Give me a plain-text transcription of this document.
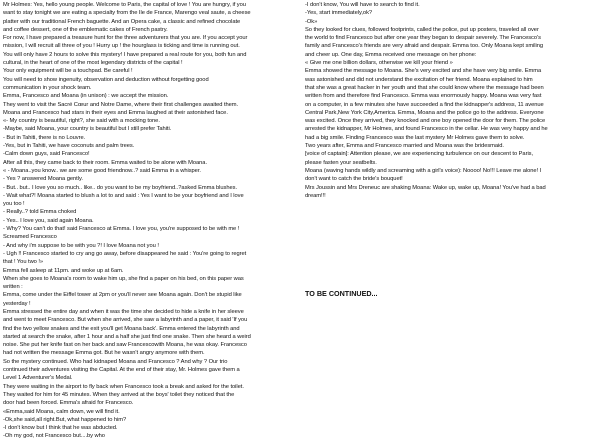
Mr Holmes: Yes, hello young people. Welcome to Paris, the capital of love ! You are hungry, if you
want to stay tonight we are eating a specialty from the Ile de France, Marengo veal saute, a cheese
platter with our traditional French baguette. And an Opera cake, a classic and refined chocolate
and coffee dessert, one of the emblematic cakes of French pastry.
For now, I have prepared a treasure hunt for the three adventurers that you are. If you accept your
mission, I will recruit all three of you ! Hurry up ! the hourglass is ticking and time is running out.
You will only have 2 hours to solve this mystery! I have prepared a real route for you, both fun and
cultural, in the heart of one of the most legendary districts of the capital !
Your only equipment will be a touchpad. Be careful !
You will need to show ingenuity, observation and deduction without forgetting good
communication in your shock team.
Emma, Francesco and Moana (in unison) : we accept the mission.
They went to visit the Sacré Cœur and Notre Dame, where their first challenges awaited them.
Moana and Francesco had stars in their eyes and Emma laughed at their astonished face.
«- My country is beautiful, right?, she said with a mocking tone.
-Maybe, said Moana, your country is beautiful but I still prefer Tahiti.
- But in Tahiti, there is no Louvre.
-Yes, but in Tahiti, we have coconuts and palm trees.
-Calm down guys, said Francesco!
After all this, they came back to their room. Emma waited to be alone with Moana.
« - Moana..you know.. we are some good friendnow..? said Emma in a whisper.
- Yes ? answered Moana gently.
- But.. but.. I love you so much.. like.. do you want to be my boyfriend..?asked Emma blushes.
- Wait what?! Moana started to blush a lot to and said : Yes I want to be your boyfriend and I love
you too !
- Really..? told Emma choked
- Yes.. I love you, said again Moana.
- Why? You can't do that! said Francesco at Emma. I love you, you're supposed to be with me !
Screamed Francesco
- And why i'm suppose to be with you ?! I love Moana not you !
- Ugh !! Francesco started to cry ang go away, before disappeared he said : You're going to regret
that ! You two !»
Emma fell asleep at 11pm. and woke up at 6am.
When she goes to Moana's room to wake him up, she find a paper on his bed, on this paper was
written :
Emma, come under the Eiffel tower at 2pm or you'll never see Moana again. Don't be stupid like
yesterday !
Emma stressed the entire day and when it was the time she decided to hide a knife in her sleeve
and went to meet Francesco. But when she arrived, she saw a labyrinth and a paper, it said 'If you
find the two yellow snakes and the exit you'll get Moana back'. Emma entered the labyrinth and
started at search the snake, after 1 hour and a half she just find one snake. Then she heard a weird
noise. She put her knife fast on her back and saw Francescowith Moana, he was okay. Francesco
had not written the message Emma got. But he wasn't angry anymore with them.
So the mystery continued. Who had kidnaped Moana and Francesco ? And why ? Our trio
continued their adventures visiting the Capital. At the end of their stay, Mr. Holmes gave them a
Level 1 Adventurer's Medal.
They were waiting in the airport to fly back when Francesco took a break and asked for the toilet.
They waited for him for 45 minutes. When they arrived at the boys' toilet they noticed that the
door had been forced. Emma's afraid for Francesco.
«Emma,said Moana, calm down, we will find it.
-Ok,she said,all right.But, what happened to him?
-I don't know but I think that he was abducted.
-Oh my god, not Francesco but....by who
-I don't know, You will have to search to find it.
-Yes, start immediately,ok?
-Ok»
So they looked for clues, followed footprints, called the police, put up posters, traveled all over
the world to find Francesco but after one year they began to despair severely. The Francesco's
family and Francesco's friends are very afraid and despair. Emma too. Only Moana kept smiling
and cheer up. One day, Emma received one message on her phone:
« Give me one billion dollars, otherwise we kill your friend »
Emma showed the message to Moana. She's very excited and she have very big smile. Emma
was astonished and did not understand the excitation of her friend. Moana explained to him
that she was a great hacker in her youth and that she could know where the message had been
written from and therefore find Francesco. Emma was enormously happy. Moana was very fast
on a computer, in a few minutes she have succeeded a find the kidnapper's address, 11 avenue
Central Park,New York City,America. Emma, Moana and the police go to the address. Everyone
was excited. Once they arrived, they knocked and one boy opened the door for them. The police
arrested the kidnapper, Mr Holmes, and found Francesco in the cellar. He was very happy and he
had a big smile. Finding Francesco was the last mystery Mr Holmes gave them to solve.
Two years after, Emma and Francesco married and Moana was the bridesmaid.
[voice of captain]: Attention please, we are experiencing turbulence on our descent to Paris,
please fasten your seatbelts.
Moana (waving hands wildly and screaming with a girl's voice): Noooo! No!!! Leave me alone! I
don't want to catch the bride's bouquet!
Mrs Joussin and Mrs Dreneuc are shaking Moana: Wake up, wake up, Moana! You've had a bad
dream!!!
TO BE CONTINUED...
